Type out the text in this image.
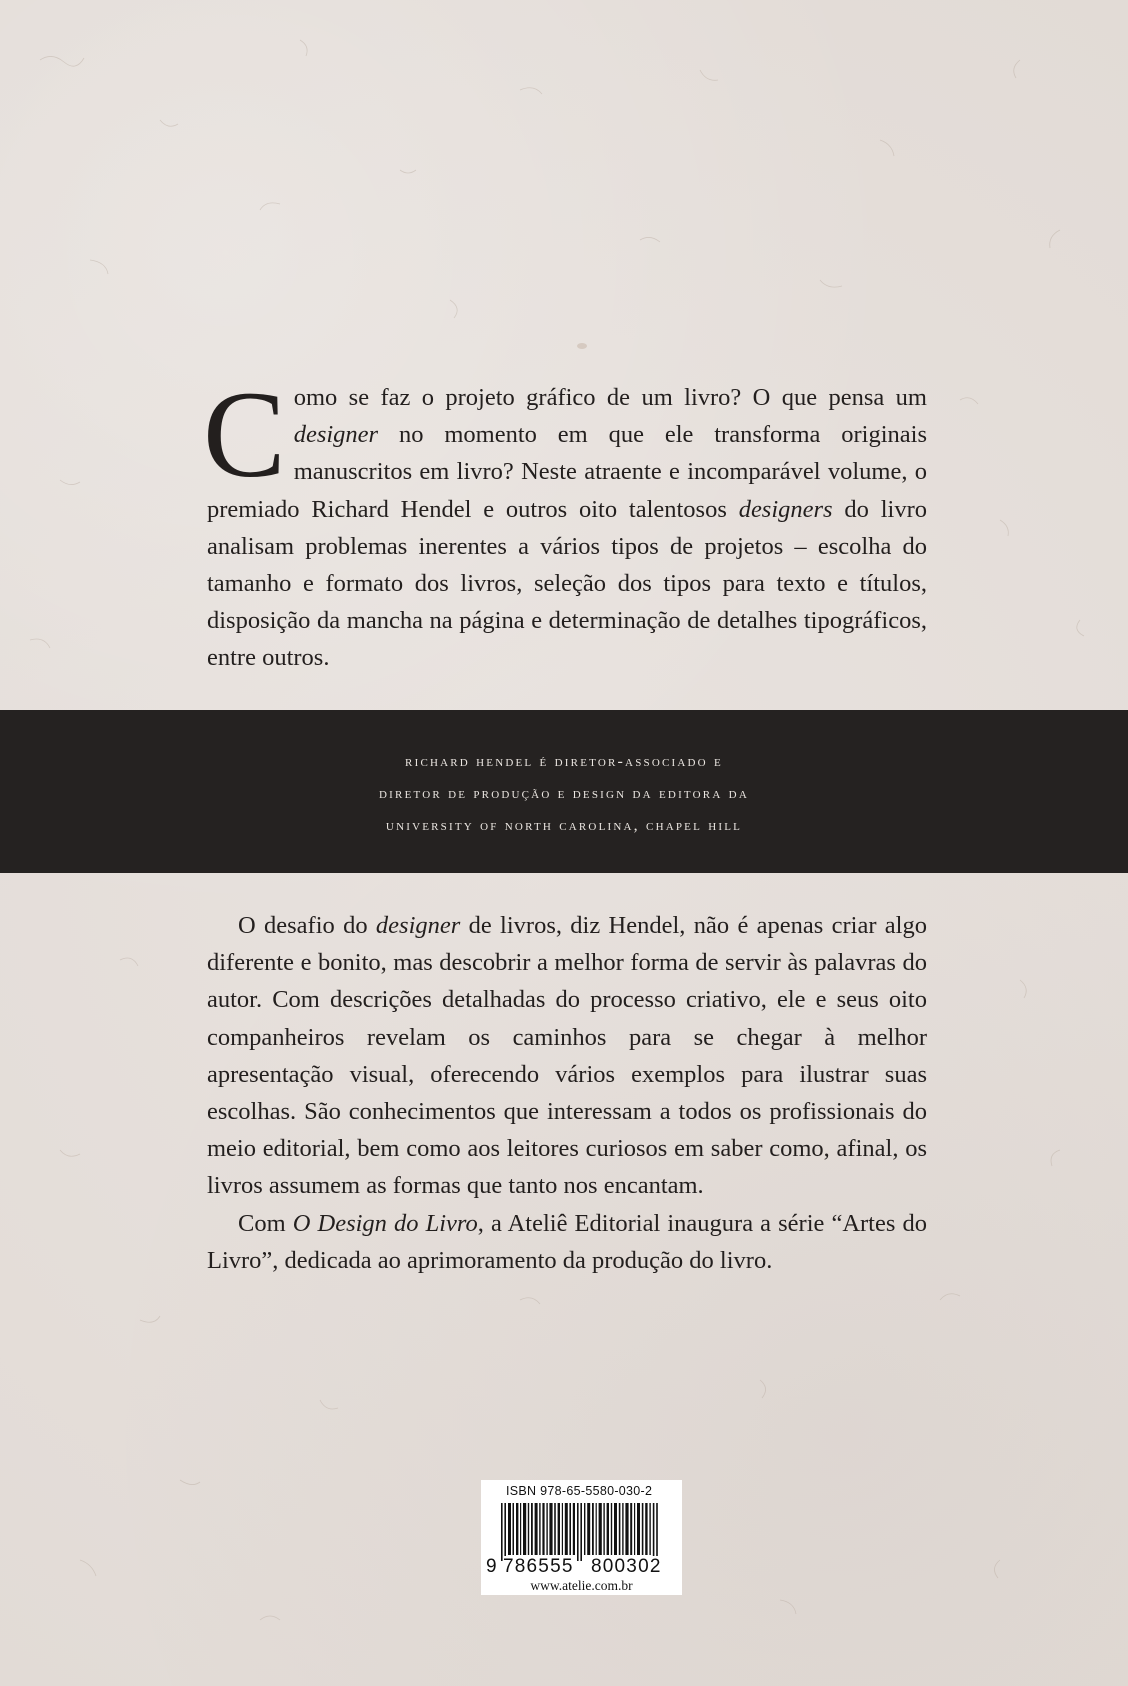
Como se faz o projeto gráfico de um livro? O que pensa um designer no momento em que ele transforma originais manuscritos em livro? Neste atraente e incomparável volume, o premiado Richard Hendel e outros oito talentosos designers do livro analisam problemas inerentes a vários tipos de projetos – escolha do tamanho e formato dos livros, seleção dos tipos para texto e títulos, disposição da mancha na página e determinação de detalhes tipográficos, entre outros.

richard hendel é diretor-associado e
diretor de produção e design da editora da
university of north carolina, chapel hill

O desafio do designer de livros, diz Hendel, não é apenas criar algo diferente e bonito, mas descobrir a melhor forma de servir às palavras do autor. Com descrições detalhadas do processo criativo, ele e seus oito companheiros revelam os caminhos para se chegar à melhor apresentação visual, oferecendo vários exemplos para ilustrar suas escolhas. São conhecimentos que interessam a todos os profissionais do meio editorial, bem como aos leitores curiosos em saber como, afinal, os livros assumem as formas que tanto nos encantam.

Com O Design do Livro, a Ateliê Editorial inaugura a série “Artes do Livro”, dedicada ao aprimoramento da produção do livro.

ISBN 978-65-5580-030-2
9 786555 800302
www.atelie.com.br
